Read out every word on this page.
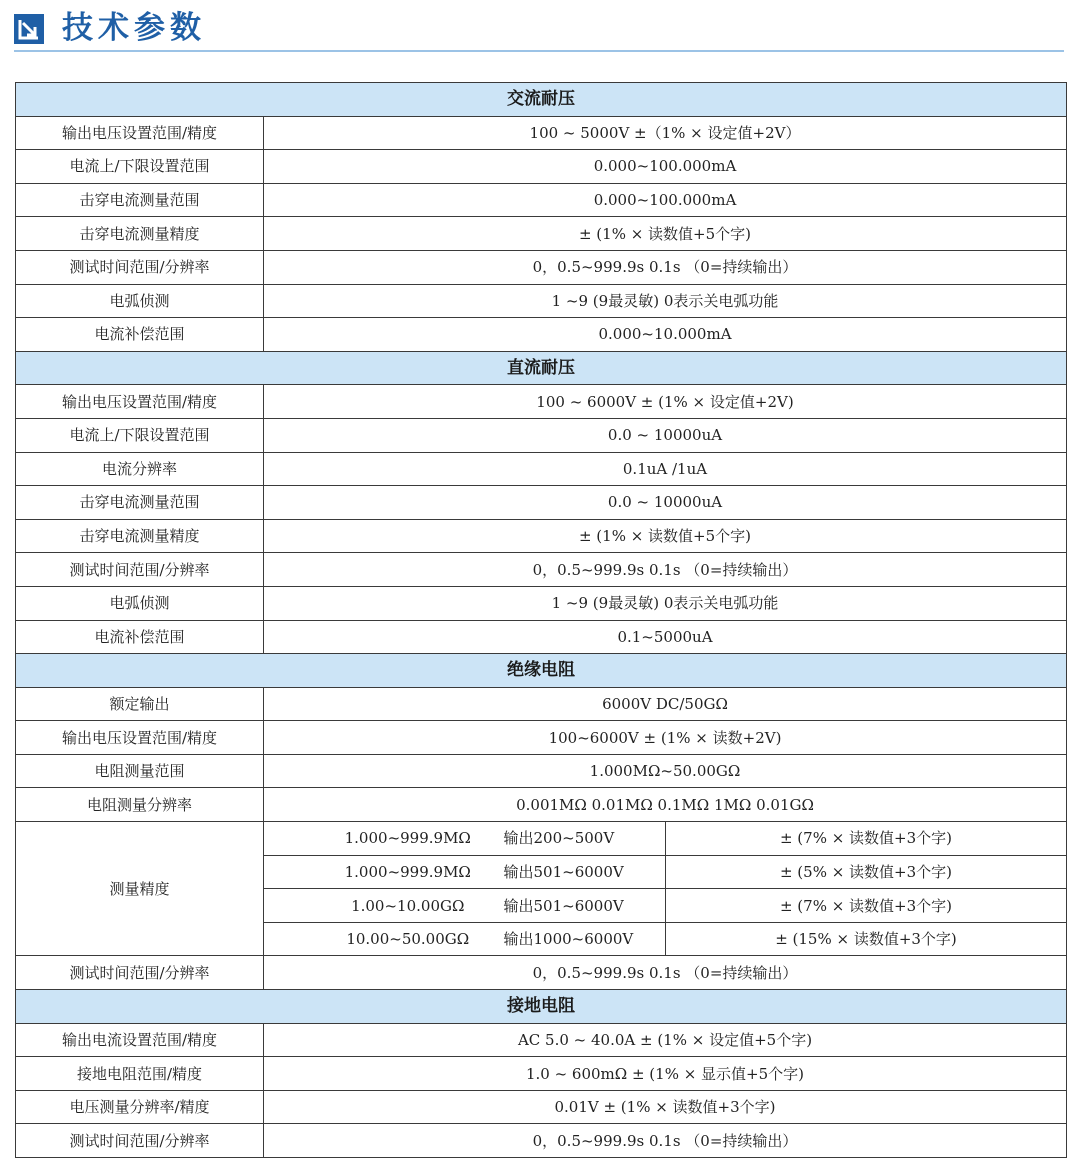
技术参数
交流耐压			
输出电压设置范围/精度	100 ~ 5000V ±（1% × 设定值+2V）		
电流上/下限设置范围	0.000~100.000mA		
击穿电流测量范围	0.000~100.000mA		
击穿电流测量精度	± (1% × 读数值+5个字)		
测试时间范围/分辨率	0，0.5~999.9s 0.1s （0=持续输出）		
电弧侦测	1 ~9 (9最灵敏) 0表示关电弧功能		
电流补偿范围	0.000~10.000mA		
直流耐压			
输出电压设置范围/精度	100 ~ 6000V ± (1% × 设定值+2V)		
电流上/下限设置范围	0.0 ~ 10000uA		
电流分辨率	0.1uA /1uA		
击穿电流测量范围	0.0 ~ 10000uA		
击穿电流测量精度	± (1% × 读数值+5个字)		
测试时间范围/分辨率	0，0.5~999.9s 0.1s （0=持续输出）		
电弧侦测	1 ~9 (9最灵敏) 0表示关电弧功能		
电流补偿范围	0.1~5000uA		
绝缘电阻			
额定输出	6000V DC/50GΩ		
输出电压设置范围/精度	100~6000V ± (1% × 读数+2V)		
电阻测量范围	1.000MΩ~50.00GΩ		
电阻测量分辨率	0.001MΩ 0.01MΩ 0.1MΩ 1MΩ 0.01GΩ		
测量精度	1.000~999.9MΩ	输出200~500V	± (7% × 读数值+3个字)
	1.000~999.9MΩ	输出501~6000V	± (5% × 读数值+3个字)
	1.00~10.00GΩ	输出501~6000V	± (7% × 读数值+3个字)
	10.00~50.00GΩ	输出1000~6000V	± (15% × 读数值+3个字)
测试时间范围/分辨率	0，0.5~999.9s 0.1s （0=持续输出）		
接地电阻			
输出电流设置范围/精度	AC 5.0 ~ 40.0A ± (1% × 设定值+5个字)		
接地电阻范围/精度	1.0 ~ 600mΩ ± (1% × 显示值+5个字)		
电压测量分辨率/精度	0.01V ± (1% × 读数值+3个字)		
测试时间范围/分辨率	0，0.5~999.9s 0.1s （0=持续输出）		
